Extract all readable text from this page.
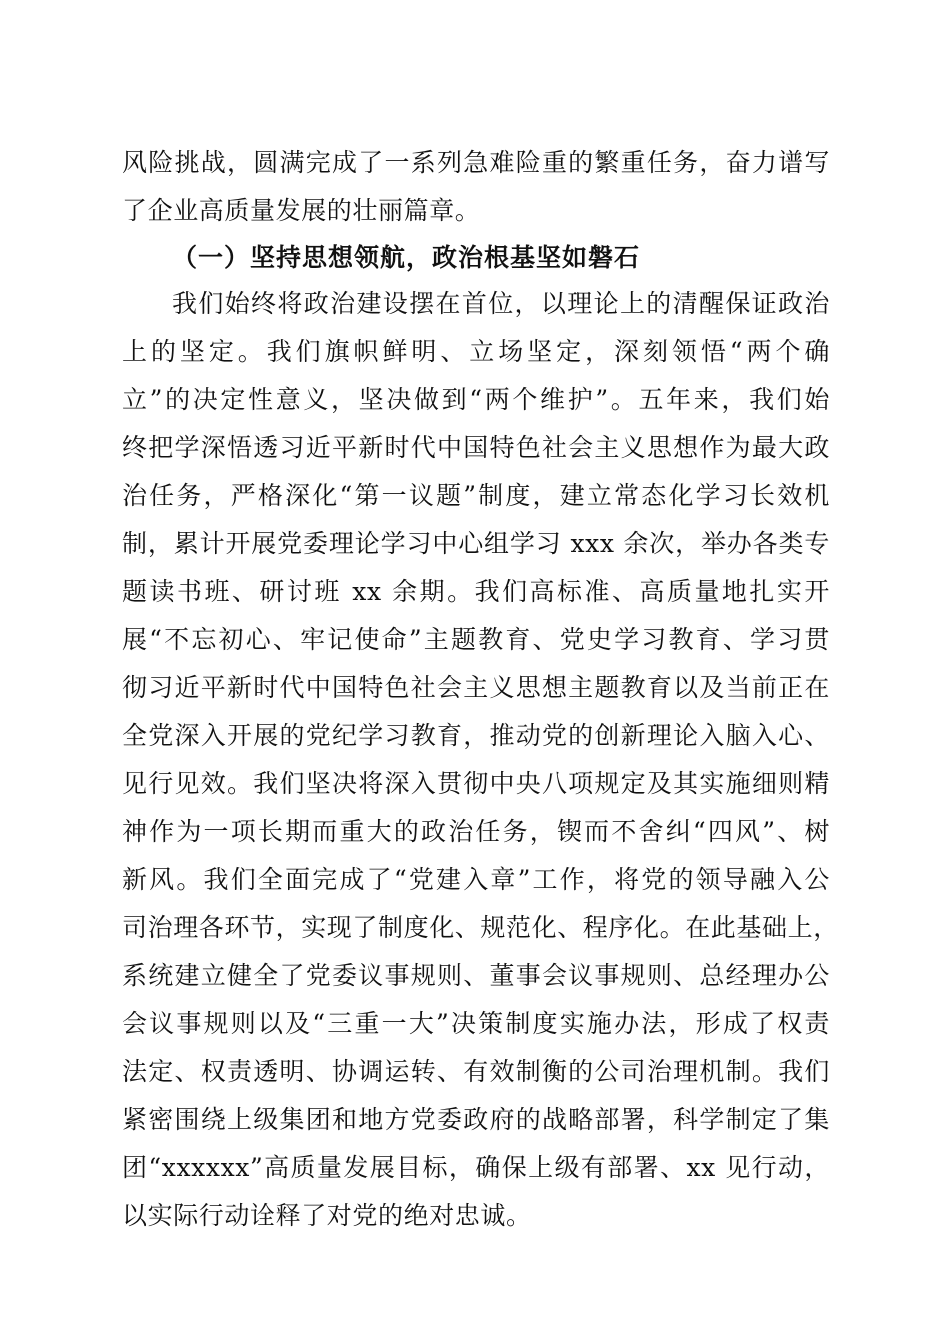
风险挑战，圆满完成了一系列急难险重的繁重任务，奋力谱写
了企业高质量发展的壮丽篇章。
（一）坚持思想领航，政治根基坚如磐石
我们始终将政治建设摆在首位，以理论上的清醒保证政治
上的坚定。我们旗帜鲜明、立场坚定，深刻领悟“两个确
立”的决定性意义，坚决做到“两个维护”。五年来，我们始
终把学深悟透习近平新时代中国特色社会主义思想作为最大政
治任务，严格深化“第一议题”制度，建立常态化学习长效机
制，累计开展党委理论学习中心组学习 xxx 余次，举办各类专
题读书班、研讨班 xx 余期。我们高标准、高质量地扎实开
展“不忘初心、牢记使命”主题教育、党史学习教育、学习贯
彻习近平新时代中国特色社会主义思想主题教育以及当前正在
全党深入开展的党纪学习教育，推动党的创新理论入脑入心、
见行见效。我们坚决将深入贯彻中央八项规定及其实施细则精
神作为一项长期而重大的政治任务，锲而不舍纠“四风”、树
新风。我们全面完成了“党建入章”工作，将党的领导融入公
司治理各环节，实现了制度化、规范化、程序化。在此基础上，
系统建立健全了党委议事规则、董事会议事规则、总经理办公
会议事规则以及“三重一大”决策制度实施办法，形成了权责
法定、权责透明、协调运转、有效制衡的公司治理机制。我们
紧密围绕上级集团和地方党委政府的战略部署，科学制定了集
团“xxxxxx”高质量发展目标，确保上级有部署、xx 见行动，
以实际行动诠释了对党的绝对忠诚。
